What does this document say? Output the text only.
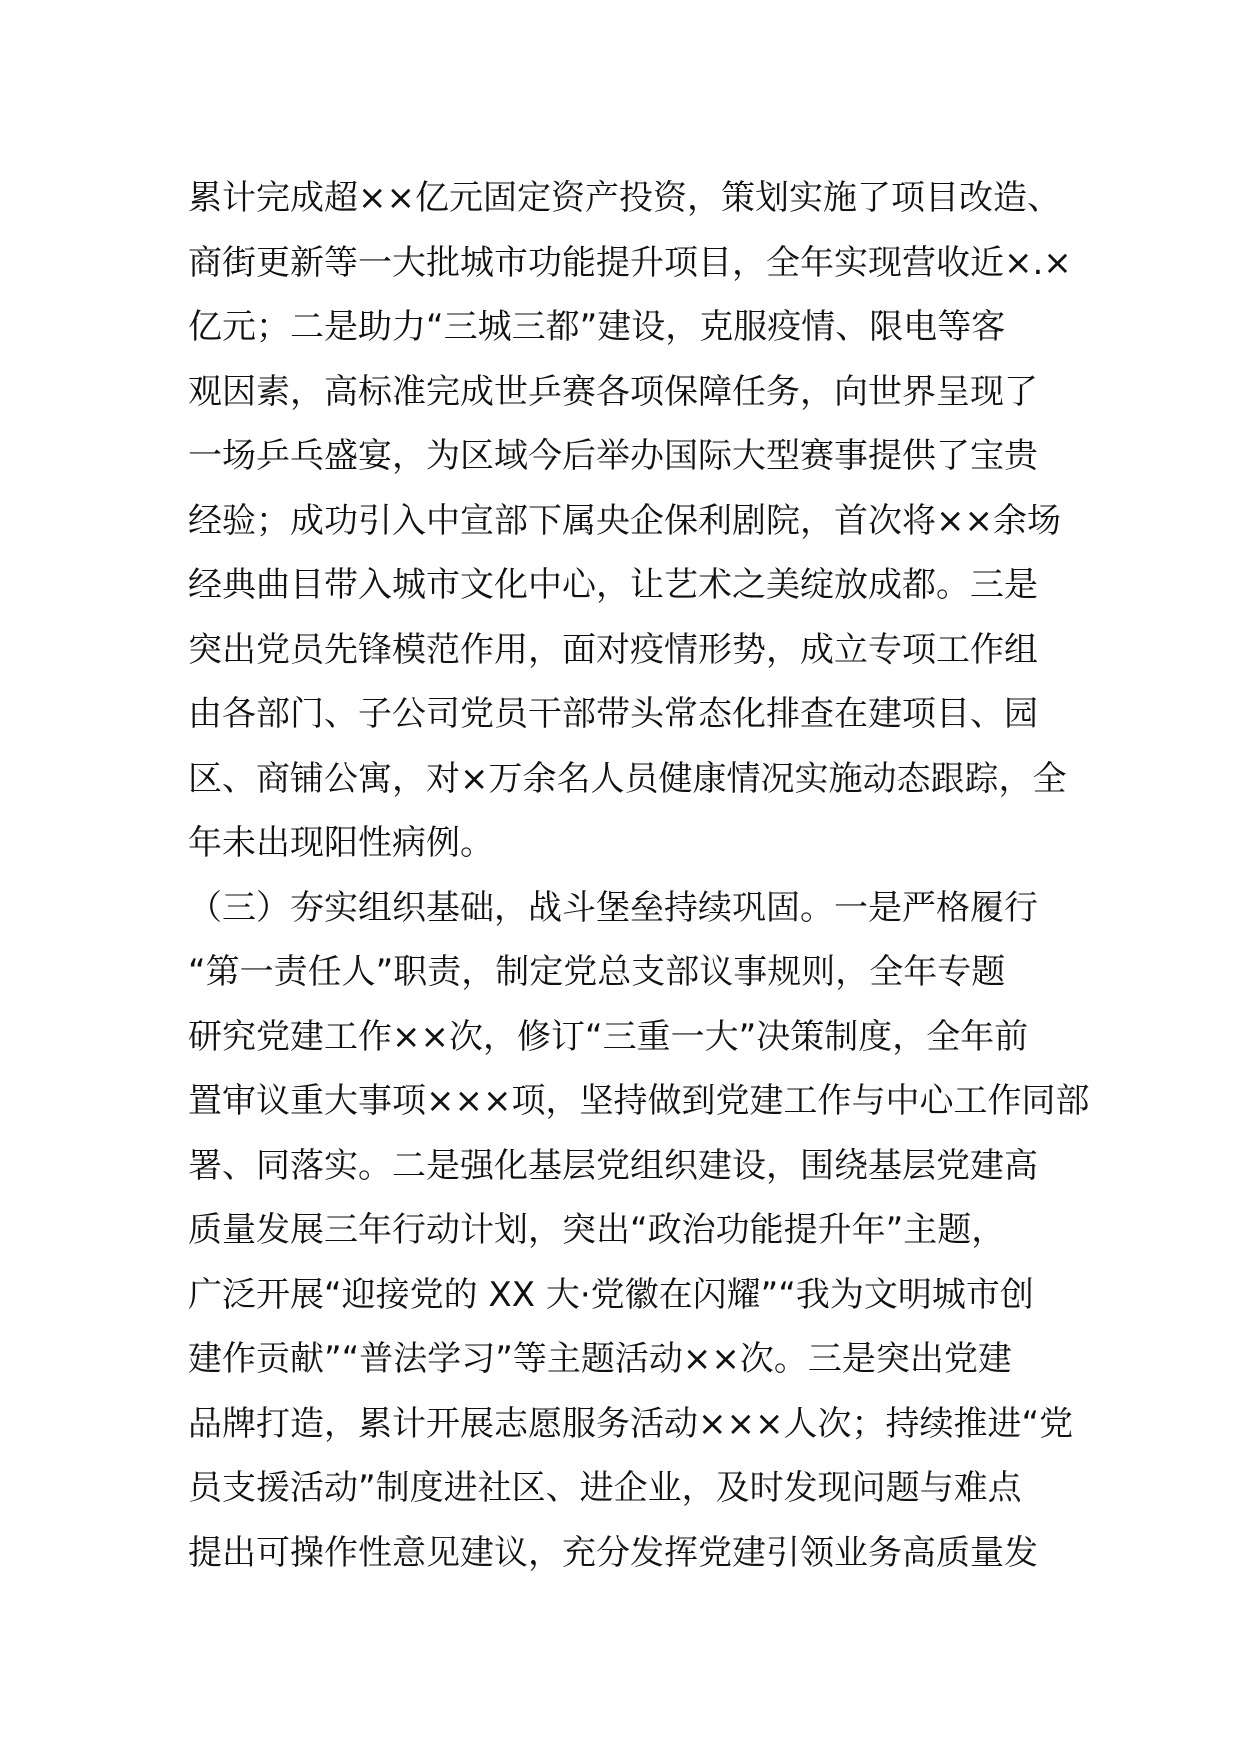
累计完成超××亿元固定资产投资，策划实施了项目改造、
商街更新等一大批城市功能提升项目，全年实现营收近×.×
亿元；二是助力“三城三都”建设，克服疫情、限电等客
观因素，高标准完成世乒赛各项保障任务，向世界呈现了
一场乒乓盛宴，为区域今后举办国际大型赛事提供了宝贵
经验；成功引入中宣部下属央企保利剧院，首次将××余场
经典曲目带入城市文化中心，让艺术之美绽放成都。三是
突出党员先锋模范作用，面对疫情形势，成立专项工作组
由各部门、子公司党员干部带头常态化排查在建项目、园
区、商铺公寓，对×万余名人员健康情况实施动态跟踪，全
年未出现阳性病例。
（三）夯实组织基础，战斗堡垒持续巩固。一是严格履行
“第一责任人”职责，制定党总支部议事规则，全年专题
研究党建工作××次，修订“三重一大”决策制度，全年前
置审议重大事项×××项，坚持做到党建工作与中心工作同部
署、同落实。二是强化基层党组织建设，围绕基层党建高
质量发展三年行动计划，突出“政治功能提升年”主题，
广泛开展“迎接党的 XX 大·党徽在闪耀”“我为文明城市创
建作贡献”“普法学习”等主题活动××次。三是突出党建
品牌打造，累计开展志愿服务活动×××人次；持续推进“党
员支援活动”制度进社区、进企业，及时发现问题与难点
提出可操作性意见建议，充分发挥党建引领业务高质量发
